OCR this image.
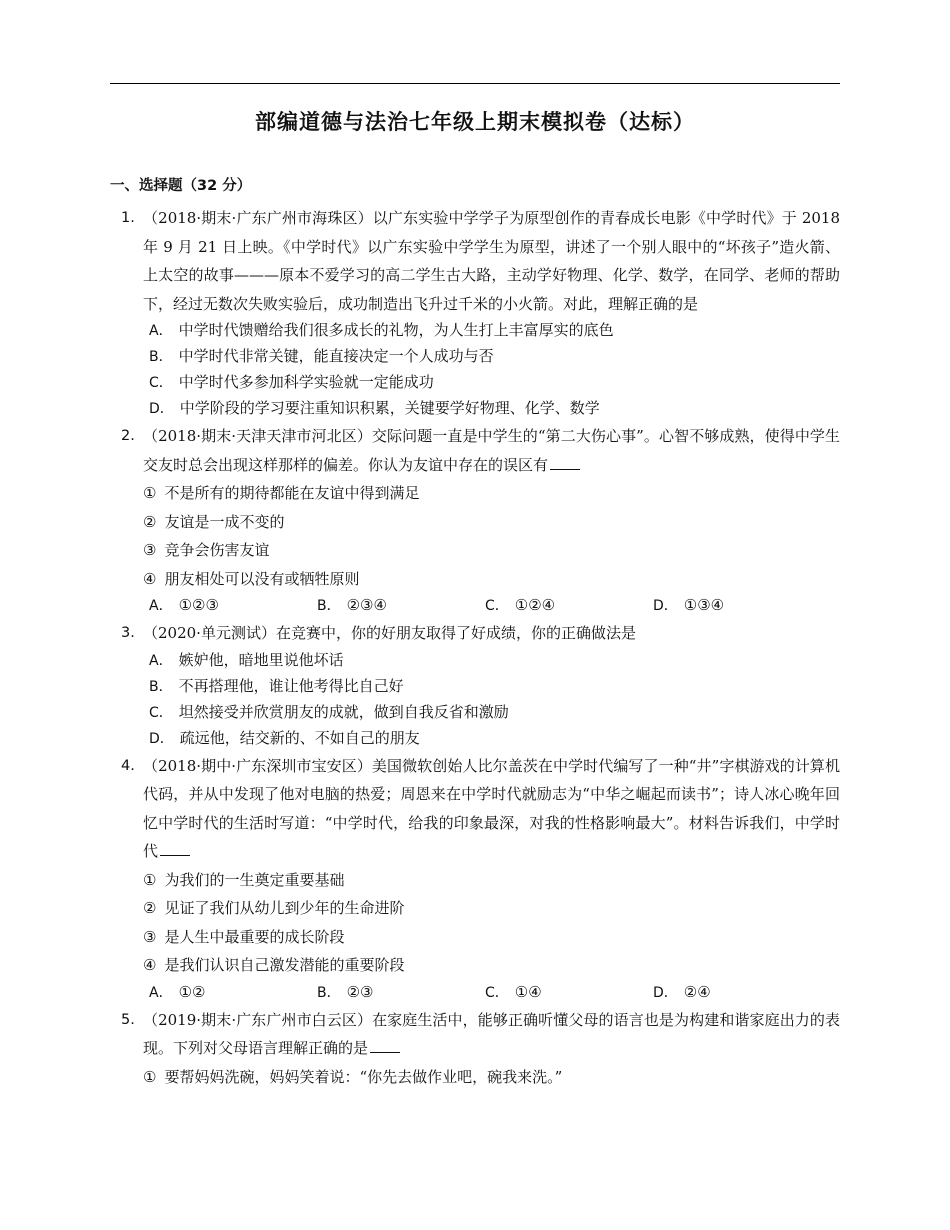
部编道德与法治七年级上期末模拟卷（达标）
一、选择题（32 分）
1. （2018·期末·广东广州市海珠区）以广东实验中学学子为原型创作的青春成长电影《中学时代》于 2018 年 9 月 21 日上映。《中学时代》以广东实验中学学生为原型，讲述了一个别人眼中的“坏孩子”造火箭、上太空的故事———原本不爱学习的高二学生古大路，主动学好物理、化学、数学，在同学、老师的帮助下，经过无数次失败实验后，成功制造出飞升过千米的小火箭。对此，理解正确的是
A． 中学时代馈赠给我们很多成长的礼物，为人生打上丰富厚实的底色
B． 中学时代非常关键，能直接决定一个人成功与否
C． 中学时代多参加科学实验就一定能成功
D． 中学阶段的学习要注重知识积累，关键要学好物理、化学、数学
2. （2018·期末·天津天津市河北区）交际问题一直是中学生的“第二大伤心事”。心智不够成熟，使得中学生交友时总会出现这样那样的偏差。你认为友谊中存在的误区有
① 不是所有的期待都能在友谊中得到满足
② 友谊是一成不变的
③ 竞争会伤害友谊
④ 朋友相处可以没有或牺牲原则
A． ①②③	B． ②③④	C． ①②④	D． ①③④
3. （2020·单元测试）在竞赛中，你的好朋友取得了好成绩，你的正确做法是
A． 嫉妒他，暗地里说他坏话
B． 不再搭理他，谁让他考得比自己好
C． 坦然接受并欣赏朋友的成就，做到自我反省和激励
D． 疏远他，结交新的、不如自己的朋友
4. （2018·期中·广东深圳市宝安区）美国微软创始人比尔盖茨在中学时代编写了一种“井”字棋游戏的计算机代码，并从中发现了他对电脑的热爱；周恩来在中学时代就励志为“中华之崛起而读书”；诗人冰心晚年回忆中学时代的生活时写道：“中学时代，给我的印象最深，对我的性格影响最大”。材料告诉我们，中学时代
① 为我们的一生奠定重要基础
② 见证了我们从幼儿到少年的生命进阶
③ 是人生中最重要的成长阶段
④ 是我们认识自己激发潜能的重要阶段
A． ①②	B． ②③	C． ①④	D． ②④
5. （2019·期末·广东广州市白云区）在家庭生活中，能够正确听懂父母的语言也是为构建和谐家庭出力的表现。下列对父母语言理解正确的是
① 要帮妈妈洗碗，妈妈笑着说：“你先去做作业吧，碗我来洗。”
